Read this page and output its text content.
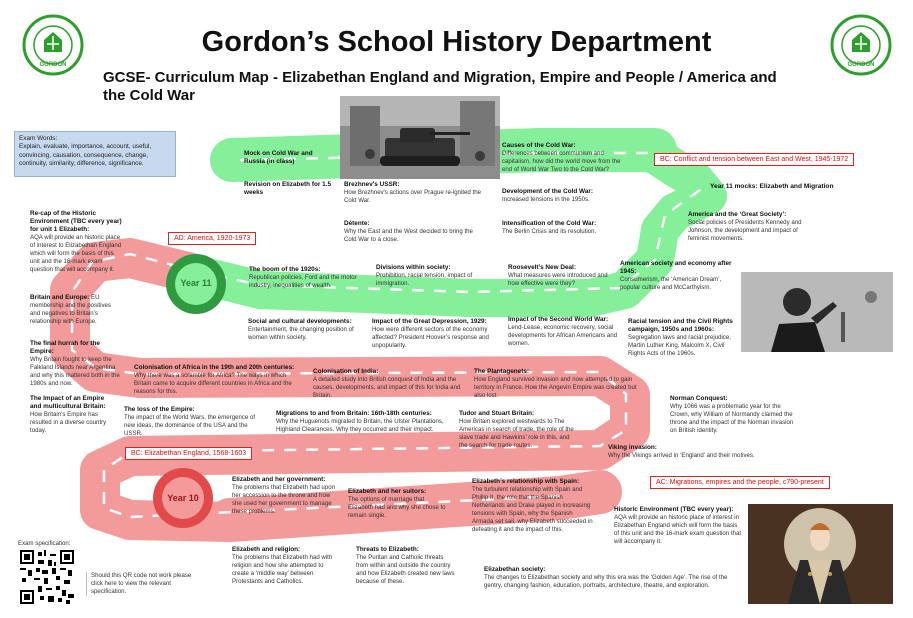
Gordon’s School History Department
GCSE- Curriculum Map - Elizabethan England and Migration, Empire and People / America and the Cold War
GORDON	GORDON
Exam Words:
Explain, evaluate, importance, account, useful, convincing, causation, consequence, change, continuity, similarity, difference, significance.
Year 11
Year 10
BC: Conflict and tension between East and West, 1945-1972
AD: America, 1920-1973
BC: Elizabethan England, 1568-1603
AC: Migrations, empires and the people, c790-present
Year 11 mocks: Elizabeth and Migration
Mock on Cold War and Russia (in class)
Revision on Elizabeth for 1.5 weeks
Brezhnev's USSR:
How Brezhnev's actions over Prague re-ignited the Cold War.
Détente:
Why the East and the West decided to bring the Cold War to a close.
Causes of the Cold War:
Differences between communism and capitalism, how did the world move from the end of World War Two to the Cold War?
Development of the Cold War:
Increased tensions in the 1950s.
Intensification of the Cold War:
The Berlin Crisis and its resolution.
America and the ‘Great Society’:
Social policies of Presidents Kennedy and Johnson, the development and impact of feminist movements.
American society and economy after 1945:
Consumerism, the ‘American Dream’, popular culture and McCarthyism.
Roosevelt’s New Deal:
What measures were introduced and how effective were they?
Divisions within society:
Prohibition, racial tension, impact of immigration.
The boom of the 1920s:
Republican policies, Ford and the motor industry, inequalities of wealth.
Social and cultural developments:
Entertainment, the changing position of women within society.
Impact of the Great Depression, 1929:
How were different sectors of the economy affected? President Hoover’s response and unpopularity.
Impact of the Second World War:
Lend-Lease, economic recovery, social developments for African Americans and women.
Racial tension and the Civil Rights campaign, 1950s and 1960s:
Segregation laws and racial prejudice, Martin Luther King, Malcolm X, Civil Rights Acts of the 1960s.
Re-cap of the Historic Environment (TBC every year) for unit 1 Elizabeth:
AQA will provide an historic place of interest to Elizabethan England which will form the basis of this unit and the 16-mark exam question that will accompany it.
Britain and Europe: EU membership and the positives and negatives to Britain’s relationship with Europe.
The final hurrah for the Empire:
Why Britain fought to keep the Falkland Islands near Argentina and why this mattered both in the 1980s and now.
The Impact of an Empire and multicultural Britain:
How Britain’s Empire has resulted in a diverse country today.
Colonisation of Africa in the 19th and 20th centuries:
Why there was a scramble for Africa? The ways in which Britain came to acquire different countries in Africa and the reasons for this.
Colonisation of India:
A detailed study into British conquest of India and the causes, developments, and impact of this for India and Britain.
The Plantagenets:
How England survived invasion and now attempted to gain territory in France. How the Angevin Empire was created but also lost.
The loss of the Empire:
The impact of the World Wars, the emergence of new ideas, the dominance of the USA and the USSR.
Migrations to and from Britain: 16th-18th centuries:
Why the Huguenots migrated to Britain, the Ulster Plantations, Highland Clearances. Why they occurred and their impact.
Tudor and Stuart Britain:
How Britain explored westwards to The Americas in search of trade, the role of the slave trade and Hawkins’ role in this, and the search for trade routes.
Norman Conquest:
Why 1066 was a problematic year for the Crown, why William of Normandy claimed the throne and the impact of the Norman invasion on British identity.
Viking invasion:
Why the Vikings arrived in ‘England’ and their motives.
Elizabeth and her government:
The problems that Elizabeth had upon her accession to the throne and how she used her government to manage these problems.
Elizabeth and her suitors:
The options of marriage that Elizabeth had and why she chose to remain single.
Elizabeth’s relationship with Spain:
The turbulent relationship with Spain and Phillip II, the role that the Spanish Netherlands and Drake played in increasing tensions with Spain, why the Spanish Armada set sail, why Elizabeth succeeded in defeating it and the impact of this.
Historic Environment (TBC every year):
AQA will provide an historic place of interest in Elizabethan England which will form the basis of this unit and the 16-mark exam question that will accompany it.
Elizabeth and religion:
The problems that Elizabeth had with religion and how she attempted to create a ‘middle way’ between Protestants and Catholics.
Threats to Elizabeth:
The Puritan and Catholic threats from within and outside the country and how Elizabeth created new laws because of these.
Elizabethan society:
The changes to Elizabethan society and why this era was the ‘Golden Age’. The rise of the gentry, changing fashion, education, portraits, architecture, theatre, and exploration.
Exam specification:
Should this QR code not work please click here to view the relevant specification.
